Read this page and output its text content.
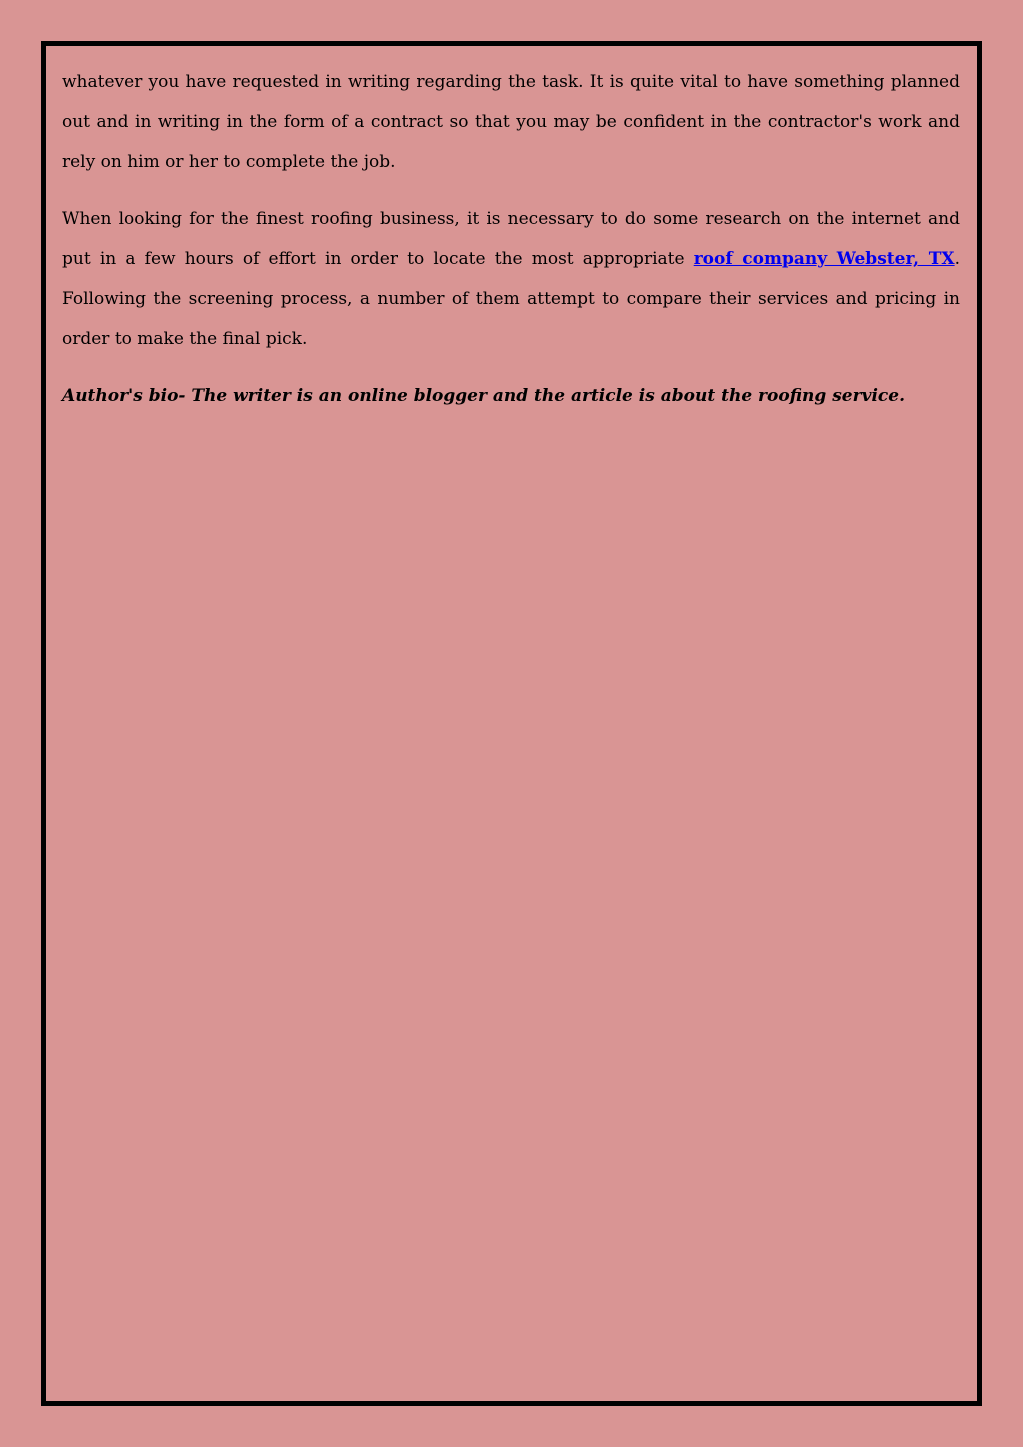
whatever you have requested in writing regarding the task. It is quite vital to have something planned out and in writing in the form of a contract so that you may be confident in the contractor's work and rely on him or her to complete the job.

When looking for the finest roofing business, it is necessary to do some research on the internet and put in a few hours of effort in order to locate the most appropriate roof company Webster, TX. Following the screening process, a number of them attempt to compare their services and pricing in order to make the final pick.

Author's bio- The writer is an online blogger and the article is about the roofing service.
